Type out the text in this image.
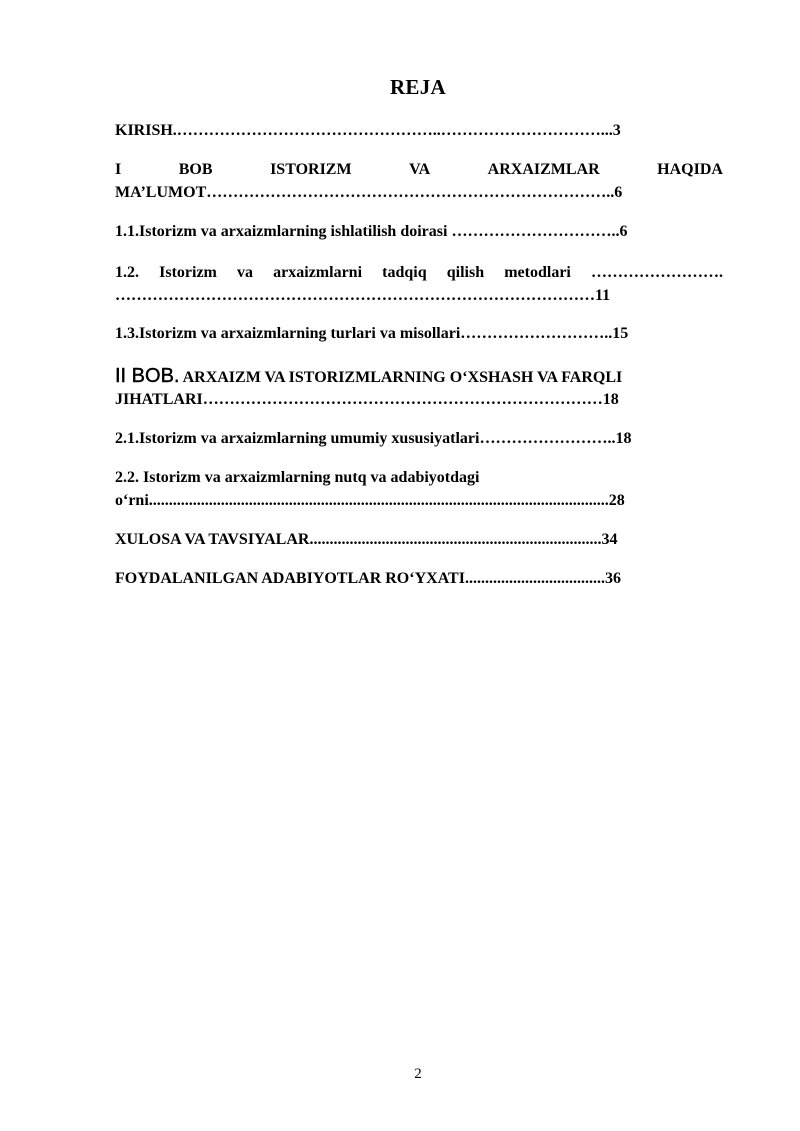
REJA
KIRISH.…………………………………………..…………………………...3
I	BOB	ISTORIZM	VA	ARXAIZMLAR	HAQIDA
MA’LUMOT…………………………………………………………………..6
1.1.Istorizm va arxaizmlarning ishlatilish doirasi …………………………..6
1.2. Istorizm va arxaizmlarni tadqiq qilish metodlari …………………….
………………………………………………………………………………11
1.3.Istorizm va arxaizmlarning turlari va misollari………………………..15
II BOB. ARXAIZM VA ISTORIZMLARNING O‘XSHASH VA FARQLI
JIHATLARI…………………………………………………………………18
2.1.Istorizm va arxaizmlarning umumiy xususiyatlari……………………..18
2.2. Istorizm va arxaizmlarning nutq va adabiyotdagi
o‘rni...................................................................................................................28
XULOSA VA TAVSIYALAR.........................................................................34
FOYDALANILGAN ADABIYOTLAR RO‘YXATI...................................36
2
